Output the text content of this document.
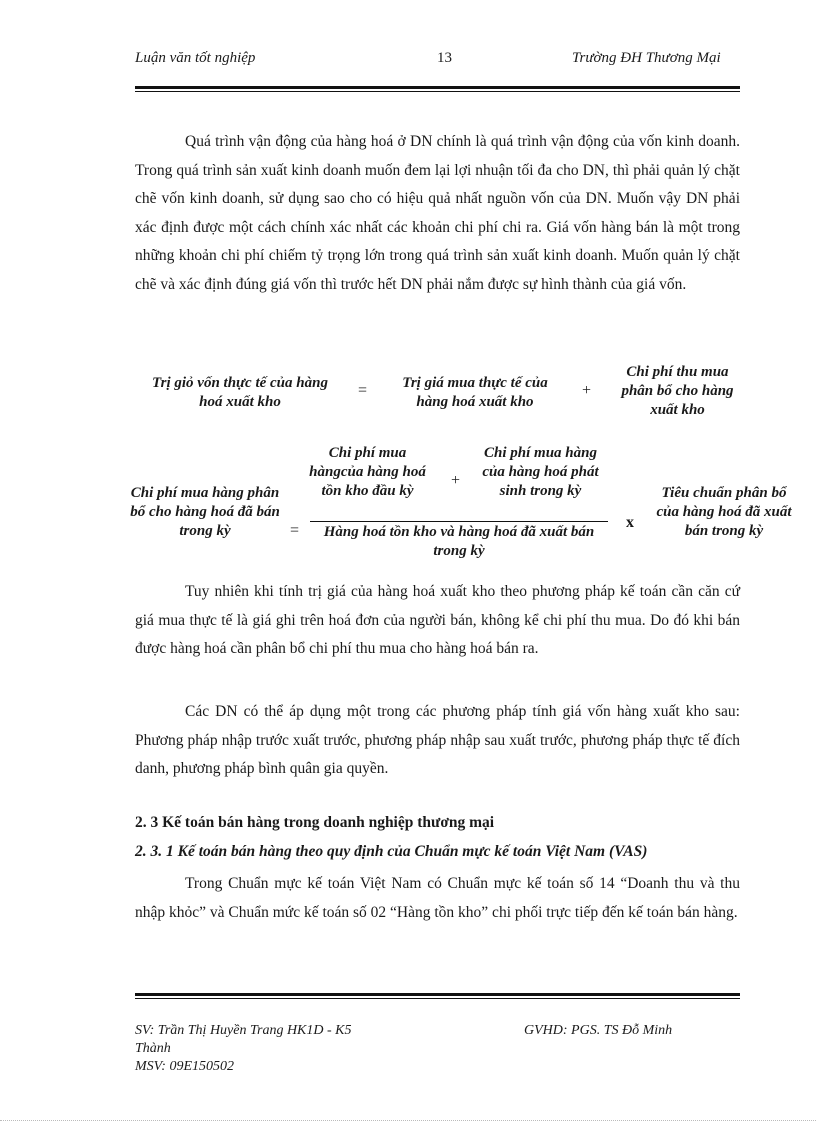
Luận văn tốt nghiệp	13	Trường ĐH Thương Mại

Quá trình vận động của hàng hoá ở DN chính là quá trình vận động của vốn kinh doanh. Trong quá trình sản xuất kinh doanh muốn đem lại lợi nhuận tối đa cho DN, thì phải quản lý chặt chẽ vốn kinh doanh, sử dụng sao cho có hiệu quả nhất nguồn vốn của DN. Muốn vậy DN phải xác định được một cách chính xác nhất các khoản chi phí chi ra. Giá vốn hàng bán là một trong những khoản chi phí chiếm tỷ trọng lớn trong quá trình sản xuất kinh doanh. Muốn quản lý chặt chẽ và xác định đúng giá vốn thì trước hết DN phải nắm được sự hình thành của giá vốn.

Trị giỏ vốn thực tế của hàng hoá xuất kho
=	Trị giá mua thực tế của hàng hoá xuất kho
+
Chi phí thu mua phân bổ cho hàng xuất kho
Chi phí mua hàng phân bổ cho hàng hoá đã bán trong kỳ	=
Chi phí mua hàngcủa hàng hoá tồn kho đầu kỳ
+
Chi phí mua hàng của hàng hoá phát sinh trong kỳ
Hàng hoá tồn kho và hàng hoá đã xuất bán trong kỳ
x
Tiêu chuẩn phân bổ của hàng hoá đã xuất bán trong kỳ

Tuy nhiên khi tính trị giá của hàng hoá xuất kho theo phương pháp kế toán cần căn cứ giá mua thực tế là giá ghi trên hoá đơn của người bán, không kể chi phí thu mua. Do đó khi bán được hàng hoá cần phân bổ chi phí thu mua cho hàng hoá bán ra.

Các DN có thể áp dụng một trong các phương pháp tính giá vốn hàng xuất kho sau: Phương pháp nhập trước xuất trước, phương pháp nhập sau xuất trước, phương pháp thực tế đích danh, phương pháp bình quân gia quyền.

2. 3 Kế toán bán hàng trong doanh nghiệp thương mại
2. 3. 1 Kế toán bán hàng theo quy định của Chuẩn mực kế toán Việt Nam (VAS)

Trong Chuẩn mực kế toán Việt Nam có Chuẩn mực kế toán số 14 “Doanh thu và thu nhập khỏc” và Chuẩn mức kế toán số 02 “Hàng tồn kho” chi phối trực tiếp đến kế toán bán hàng.

SV: Trần Thị Huyền Trang HK1D - K5	GVHD: PGS. TS Đỗ Minh
Thành
MSV: 09E150502
